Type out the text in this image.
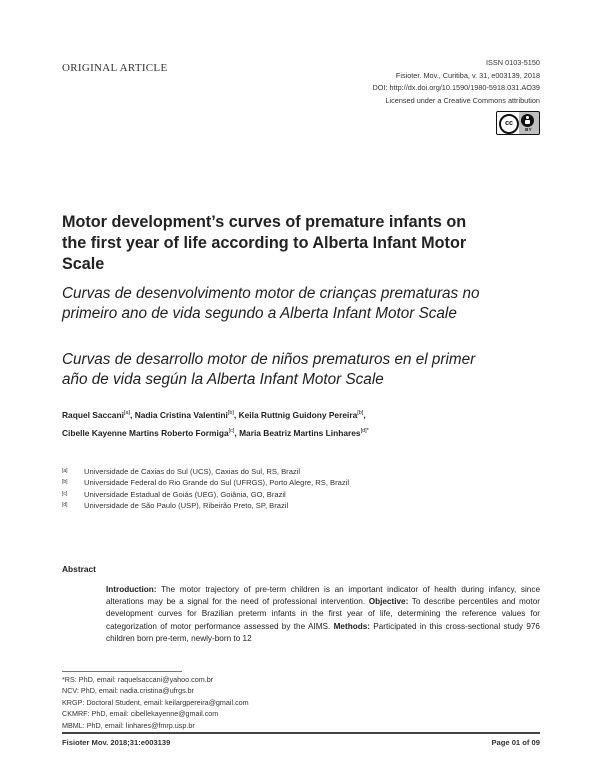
ORIGINAL ARTICLE	ISSN 0103-5150
Fisioter. Mov., Curitiba, v. 31, e003139, 2018
DOI: http://dx.doi.org/10.1590/1980-5918.031.AO39
Licensed under a Creative Commons attribution
cc
BY
Motor development’s curves of premature infants on the first year of life according to Alberta Infant Motor Scale
Curvas de desenvolvimento motor de crianças prematuras no primeiro ano de vida segundo a Alberta Infant Motor Scale
Curvas de desarrollo motor de niños prematuros en el primer año de vida según la Alberta Infant Motor Scale
Raquel Saccani[a], Nadia Cristina Valentini[b], Keila Ruttnig Guidony Pereira[b],
Cibelle Kayenne Martins Roberto Formiga[c], Maria Beatriz Martins Linhares$^{[d]*}$
[a] Universidade de Caxias do Sul (UCS), Caxias do Sul, RS, Brazil
[b] Universidade Federal do Rio Grande do Sul (UFRGS), Porto Alegre, RS, Brazil
[c] Universidade Estadual de Goiás (UEG), Goiânia, GO, Brazil
[d] Universidade de São Paulo (USP), Ribeirão Preto, SP, Brazil
Abstract
Introduction: The motor trajectory of pre-term children is an important indicator of health during infancy, since alterations may be a signal for the need of professional intervention. Objective: To describe percentiles and motor development curves for Brazilian preterm infants in the first year of life, determining the reference values for categorization of motor performance assessed by the AIMS. Methods: Participated in this cross-sectional study 976 children born pre-term, newly-born to 12
*RS: PhD, email: raquelsaccani@yahoo.com.br
NCV: PhD, email: nadia.cristina@ufrgs.br
KRGP: Doctoral Student, email: keilargpereira@gmail.com
CKMRF: PhD, email: cibellekayenne@gmail.com
MBML: PhD, email: linhares@fmrp.usp.br
Fisioter Mov. 2018;31:e003139	Page 01 of 09
